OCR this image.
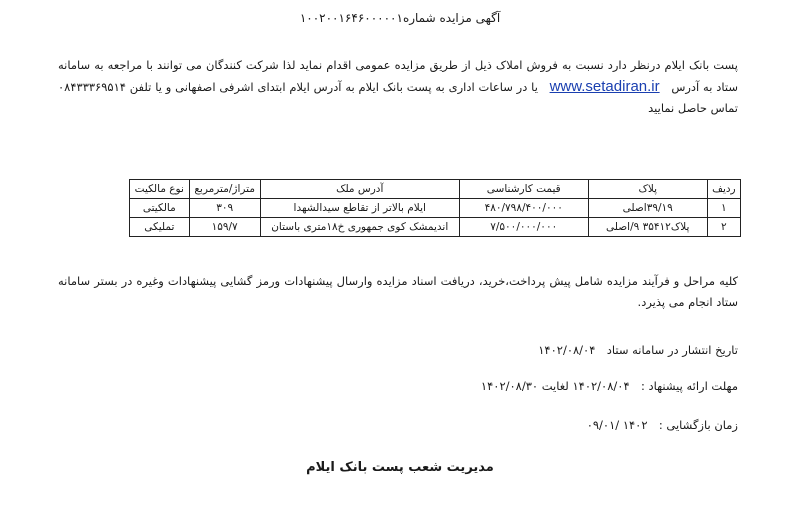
آگهی مزایده شماره۱۰۰۲۰۰۱۶۴۶۰۰۰۰۰۱
پست بانک ایلام درنظر دارد نسبت به فروش املاک ذیل از طریق مزایده عمومی اقدام نماید لذا شرکت کنندگان می توانند با مراجعه به سامانه ستاد به آدرس  www.setadiran.ir  یا در ساعات اداری به پست بانک ایلام به آدرس ایلام ابتدای اشرفی اصفهانی و یا تلفن ۰۸۴۳۳۳۶۹۵۱۴ تماس حاصل نمایید
ردیف	پلاک	قیمت کارشناسی	آدرس ملک	متراژ/مترمربع	نوع مالکیت
۱	۳۹/۱۹اصلی	۴۸۰/۷۹۸/۴۰۰/۰۰۰	ایلام بالاتر از تقاطع سیدالشهدا	۳۰۹	مالکیتی
۲	پلاک۳۵۴۱۲ ۹/اصلی	۷/۵۰۰/۰۰۰/۰۰۰	اندیمشک کوی جمهوری خ۱۸متری باستان	۱۵۹/۷	تملیکی
کلیه مراحل و فرآیند مزایده شامل پیش پرداخت،خرید، دریافت اسناد مزایده وارسال پیشنهادات ورمز گشایی پیشنهادات وغیره در بستر سامانه ستاد انجام می پذیرد.
تاریخ انتشار در سامانه ستاد  ۱۴۰۲/۰۸/۰۴
مهلت ارائه پیشنهاد :  ۱۴۰۲/۰۸/۰۴ لغایت ۱۴۰۲/۰۸/۳۰
زمان بازگشایی :  ۱۴۰۲ /۰۹/۰۱
مدیریت شعب پست بانک ایلام
